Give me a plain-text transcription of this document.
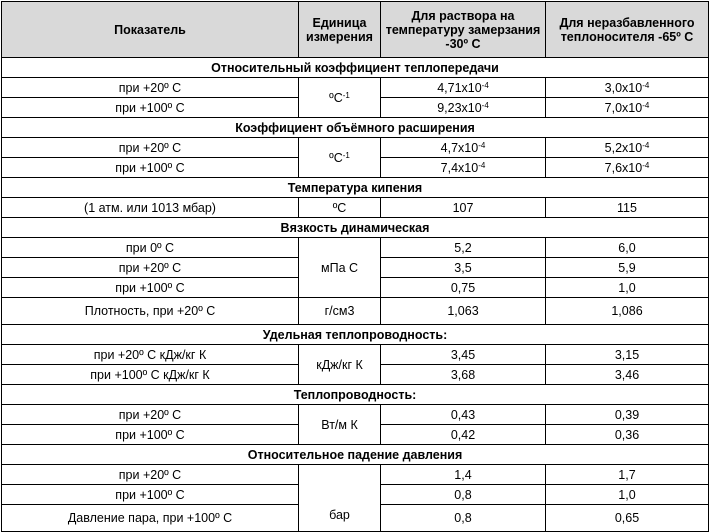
Показатель	Единица измерения	Для раствора на температуру замерзания -30º С	Для неразбавленного теплоносителя -65º С
Относительный коэффициент теплопередачи			
при +20º С	ºC$^{-1}$	$4,71x10^{-4}$	$3,0x10^{-4}$
при +100º С		$9,23x10^{-4}$	$7,0x10^{-4}$
Коэффициент объёмного расширения			
при +20º С	ºC$^{-1}$	$4,7x10^{-4}$	$5,2x10^{-4}$
при +100º С		$7,4x10^{-4}$	$7,6x10^{-4}$
Температура кипения			
(1 атм. или 1013 мбар)	ºC	107	115
Вязкость динамическая			
при 0º С	мПа С	5,2	6,0
при +20º С		3,5	5,9
при +100º С		0,75	1,0
Плотность, при +20º С	г/см3	1,063	1,086
Удельная теплопроводность:			
при +20º С кДж/кг К	кДж/кг К	3,45	3,15
при +100º С кДж/кг К		3,68	3,46
Теплопроводность:			
при +20º С	Вт/м К	0,43	0,39
при +100º С		0,42	0,36
Относительное падение давления			
при +20º С	бар	1,4	1,7
при +100º С		0,8	1,0
Давление пара, при +100º С		0,8	0,65
